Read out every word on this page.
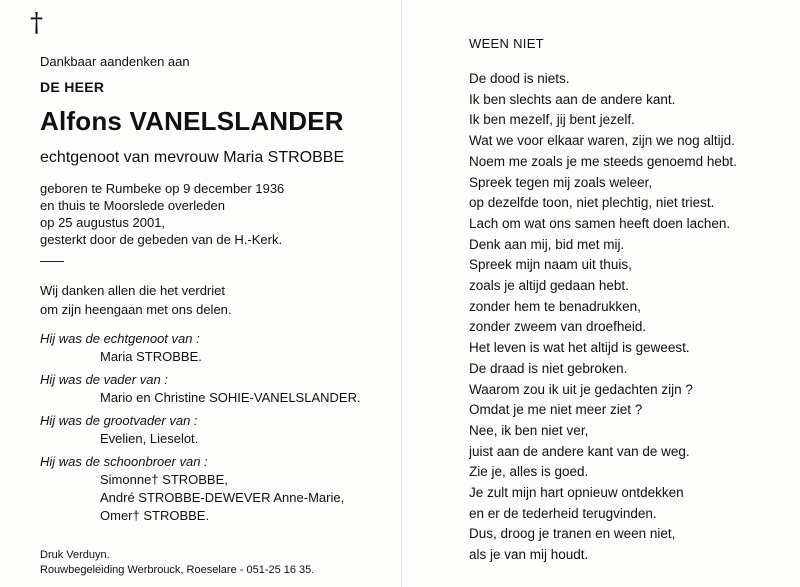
†
Dankbaar aandenken aan
DE HEER
Alfons VANELSLANDER
echtgenoot van mevrouw Maria STROBBE
geboren te Rumbeke op 9 december 1936
en thuis te Moorslede overleden
op 25 augustus 2001,
gesterkt door de gebeden van de H.-Kerk.
Wij danken allen die het verdriet
om zijn heengaan met ons delen.
Hij was de echtgenoot van :
Maria STROBBE.
Hij was de vader van :
Mario en Christine SOHIE-VANELSLANDER.
Hij was de grootvader van :
Evelien, Lieselot.
Hij was de schoonbroer van :
Simonne† STROBBE,
André STROBBE-DEWEVER Anne-Marie,
Omer† STROBBE.
Druk Verduyn.
Rouwbegeleiding Werbrouck, Roeselare - 051-25 16 35.
WEEN NIET
De dood is niets.
Ik ben slechts aan de andere kant.
Ik ben mezelf, jij bent jezelf.
Wat we voor elkaar waren, zijn we nog altijd.
Noem me zoals je me steeds genoemd hebt.
Spreek tegen mij zoals weleer,
op dezelfde toon, niet plechtig, niet triest.
Lach om wat ons samen heeft doen lachen.
Denk aan mij, bid met mij.
Spreek mijn naam uit thuis,
zoals je altijd gedaan hebt.
zonder hem te benadrukken,
zonder zweem van droefheid.
Het leven is wat het altijd is geweest.
De draad is niet gebroken.
Waarom zou ik uit je gedachten zijn ?
Omdat je me niet meer ziet ?
Nee, ik ben niet ver,
juist aan de andere kant van de weg.
Zie je, alles is goed.
Je zult mijn hart opnieuw ontdekken
en er de tederheid terugvinden.
Dus, droog je tranen en ween niet,
als je van mij houdt.
